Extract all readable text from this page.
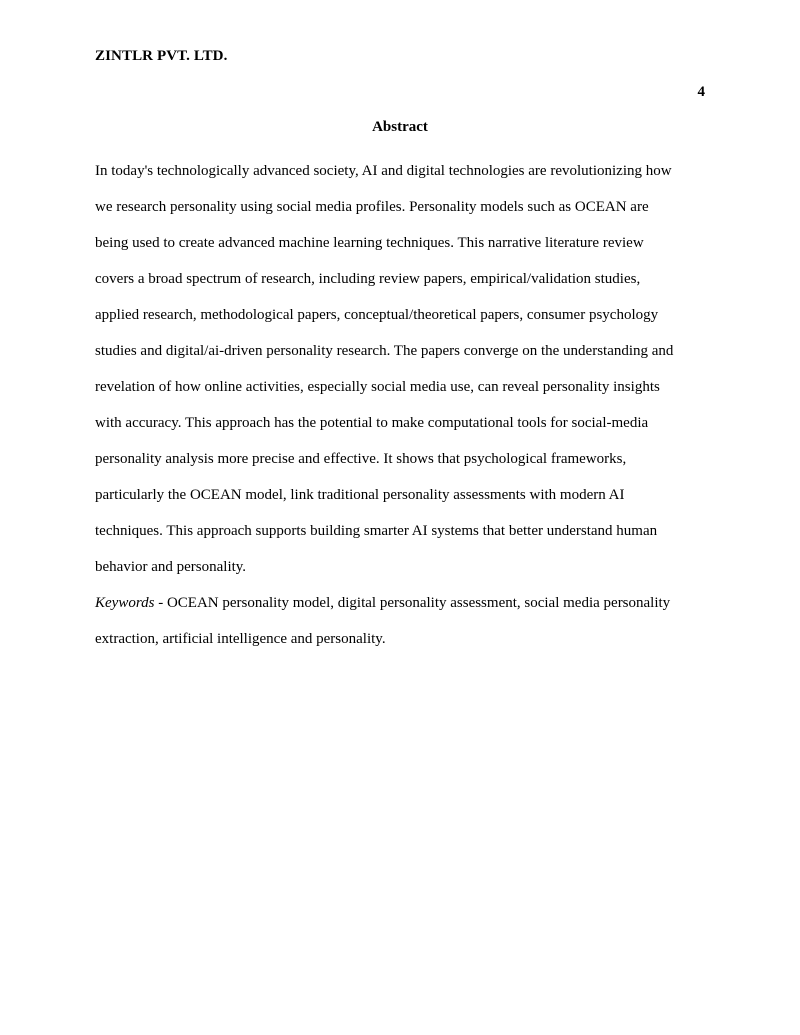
ZINTLR PVT. LTD.
4
Abstract
In today's technologically advanced society, AI and digital technologies are revolutionizing how
we research personality using social media profiles. Personality models such as OCEAN are
being used to create advanced machine learning techniques. This narrative literature review
covers a broad spectrum of research, including review papers, empirical/validation studies,
applied research, methodological papers, conceptual/theoretical papers, consumer psychology
studies and digital/ai-driven personality research. The papers converge on the understanding and
revelation of how online activities, especially social media use, can reveal personality insights
with accuracy. This approach has the potential to make computational tools for social-media
personality analysis more precise and effective. It shows that psychological frameworks,
particularly the OCEAN model, link traditional personality assessments with modern AI
techniques. This approach supports building smarter AI systems that better understand human
behavior and personality.
Keywords - OCEAN personality model, digital personality assessment, social media personality
extraction, artificial intelligence and personality.
